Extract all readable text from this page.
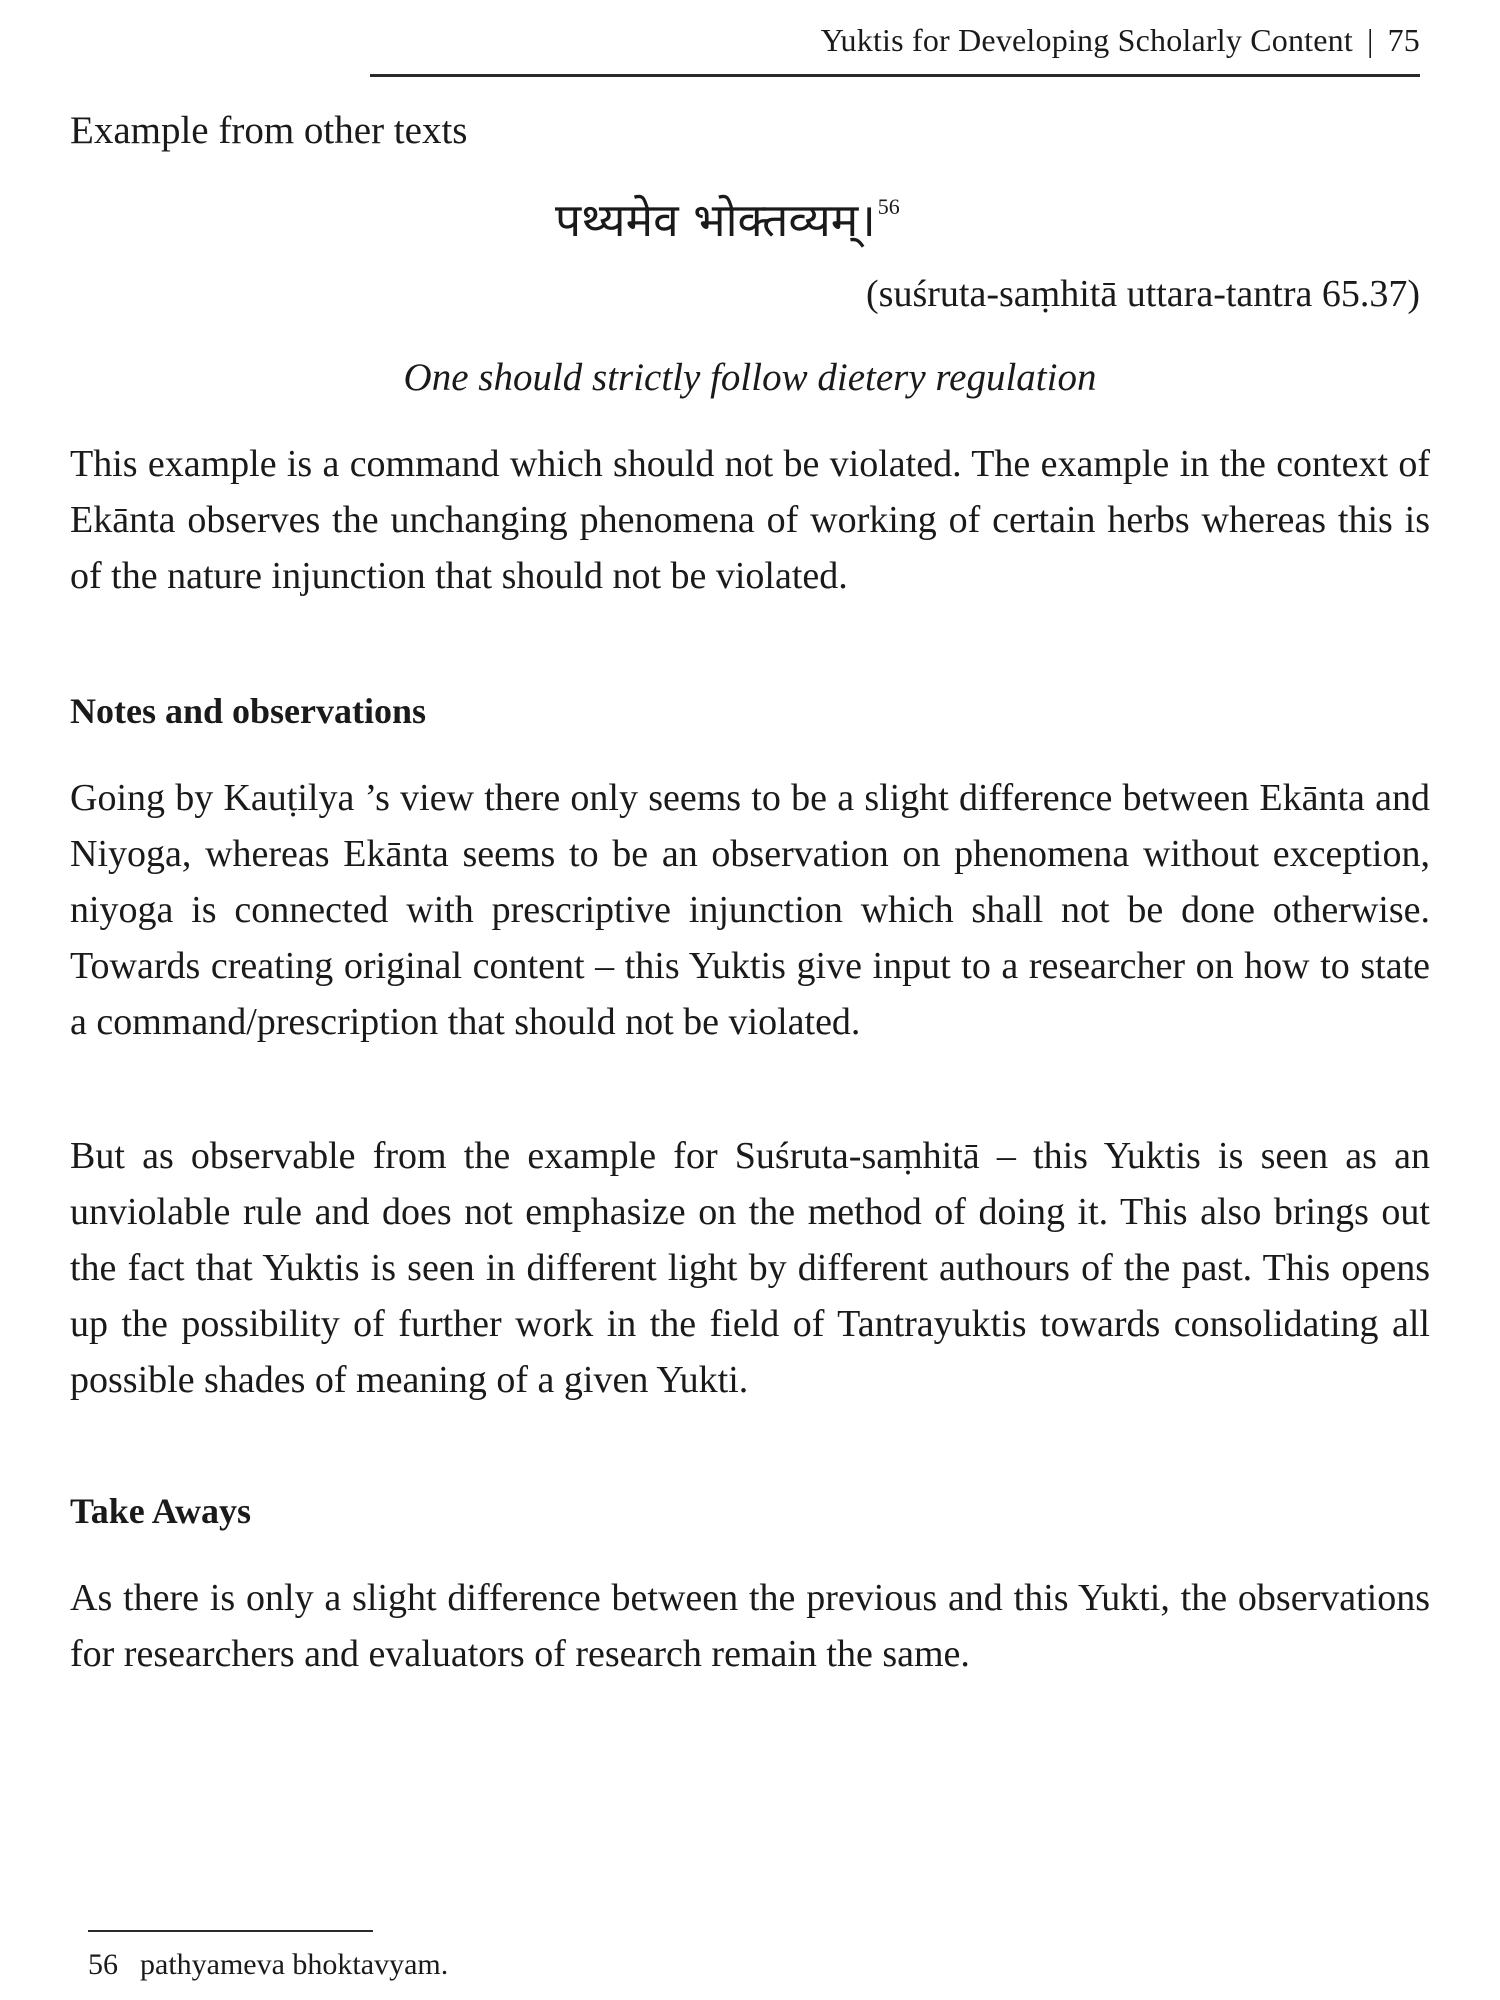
Yuktis for Developing Scholarly Content | 75
Example from other texts
पथ्यमेव भोक्तव्यम्।$^{56}$
(suśruta-saṃhitā uttara-tantra 65.37)
One should strictly follow dietery regulation

This example is a command which should not be violated. The example in the context of Ekānta observes the unchanging phenomena of working of certain herbs whereas this is of the nature injunction that should not be violated.

Notes and observations

Going by Kauṭilya ’s view there only seems to be a slight difference between Ekānta and Niyoga, whereas Ekānta seems to be an observation on phenomena without exception, niyoga is connected with prescriptive injunction which shall not be done otherwise. Towards creating original content – this Yuktis give input to a researcher on how to state a command/prescription that should not be violated.

But as observable from the example for Suśruta-saṃhitā – this Yuktis is seen as an unviolable rule and does not emphasize on the method of doing it. This also brings out the fact that Yuktis is seen in different light by different authours of the past. This opens up the possibility of further work in the field of Tantrayuktis towards consolidating all possible shades of meaning of a given Yukti.

Take Aways

As there is only a slight difference between the previous and this Yukti, the observations for researchers and evaluators of research remain the same.

56 pathyameva bhoktavyam.
